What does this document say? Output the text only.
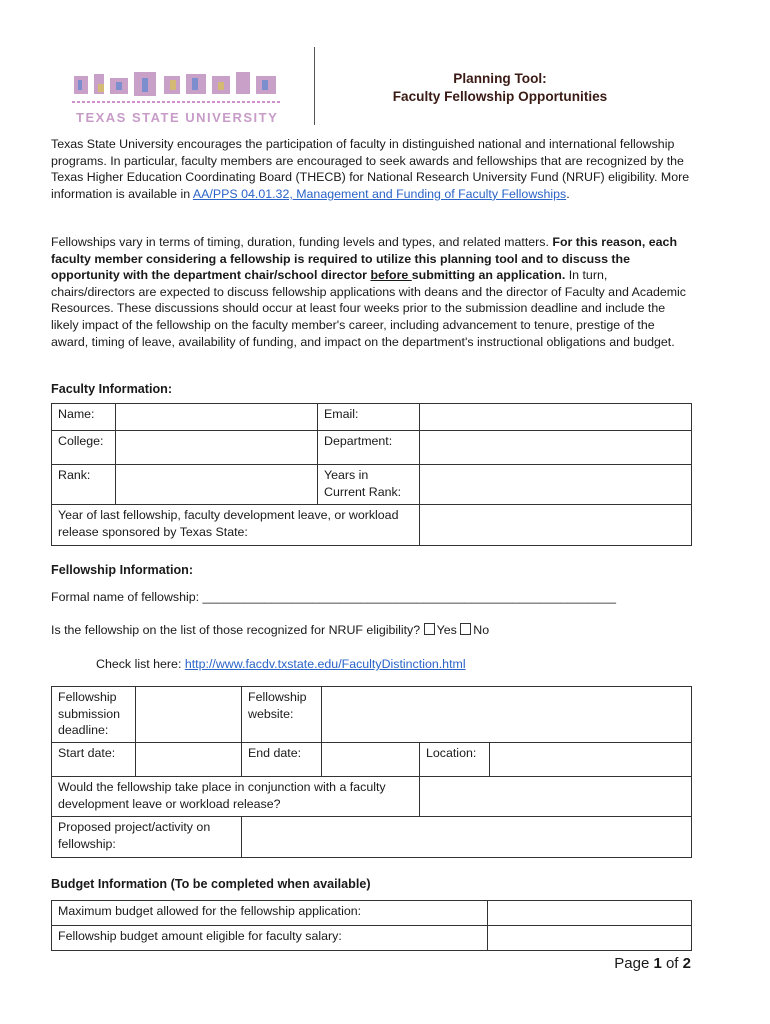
TEXAS STATE UNIVERSITY
Planning Tool:
Faculty Fellowship Opportunities
Texas State University encourages the participation of faculty in distinguished national and international fellowship programs. In particular, faculty members are encouraged to seek awards and fellowships that are recognized by the Texas Higher Education Coordinating Board (THECB) for National Research University Fund (NRUF) eligibility. More information is available in AA/PPS 04.01.32, Management and Funding of Faculty Fellowships.
Fellowships vary in terms of timing, duration, funding levels and types, and related matters. For this reason, each faculty member considering a fellowship is required to utilize this planning tool and to discuss the opportunity with the department chair/school director before submitting an application. In turn, chairs/directors are expected to discuss fellowship applications with deans and the director of Faculty and Academic Resources. These discussions should occur at least four weeks prior to the submission deadline and include the likely impact of the fellowship on the faculty member's career, including advancement to tenure, prestige of the award, timing of leave, availability of funding, and impact on the department's instructional obligations and budget.
Faculty Information:
Name:		Email:	
College:		Department:	
Rank:		Years in Current Rank:	
Year of last fellowship, faculty development leave, or workload release sponsored by Texas State:			
Fellowship Information:
Formal name of fellowship: ____________________________________________________________
Is the fellowship on the list of those recognized for NRUF eligibility? Yes No
Check list here: http://www.facdv.txstate.edu/FacultyDistinction.html
Fellowship submission deadline:		Fellowship website:			
Start date:		End date:		Location:	
Would the fellowship take place in conjunction with a faculty development leave or workload release?					
Proposed project/activity on fellowship:					
Budget Information (To be completed when available)
Maximum budget allowed for the fellowship application:	
Fellowship budget amount eligible for faculty salary:	
Page 1 of 2
